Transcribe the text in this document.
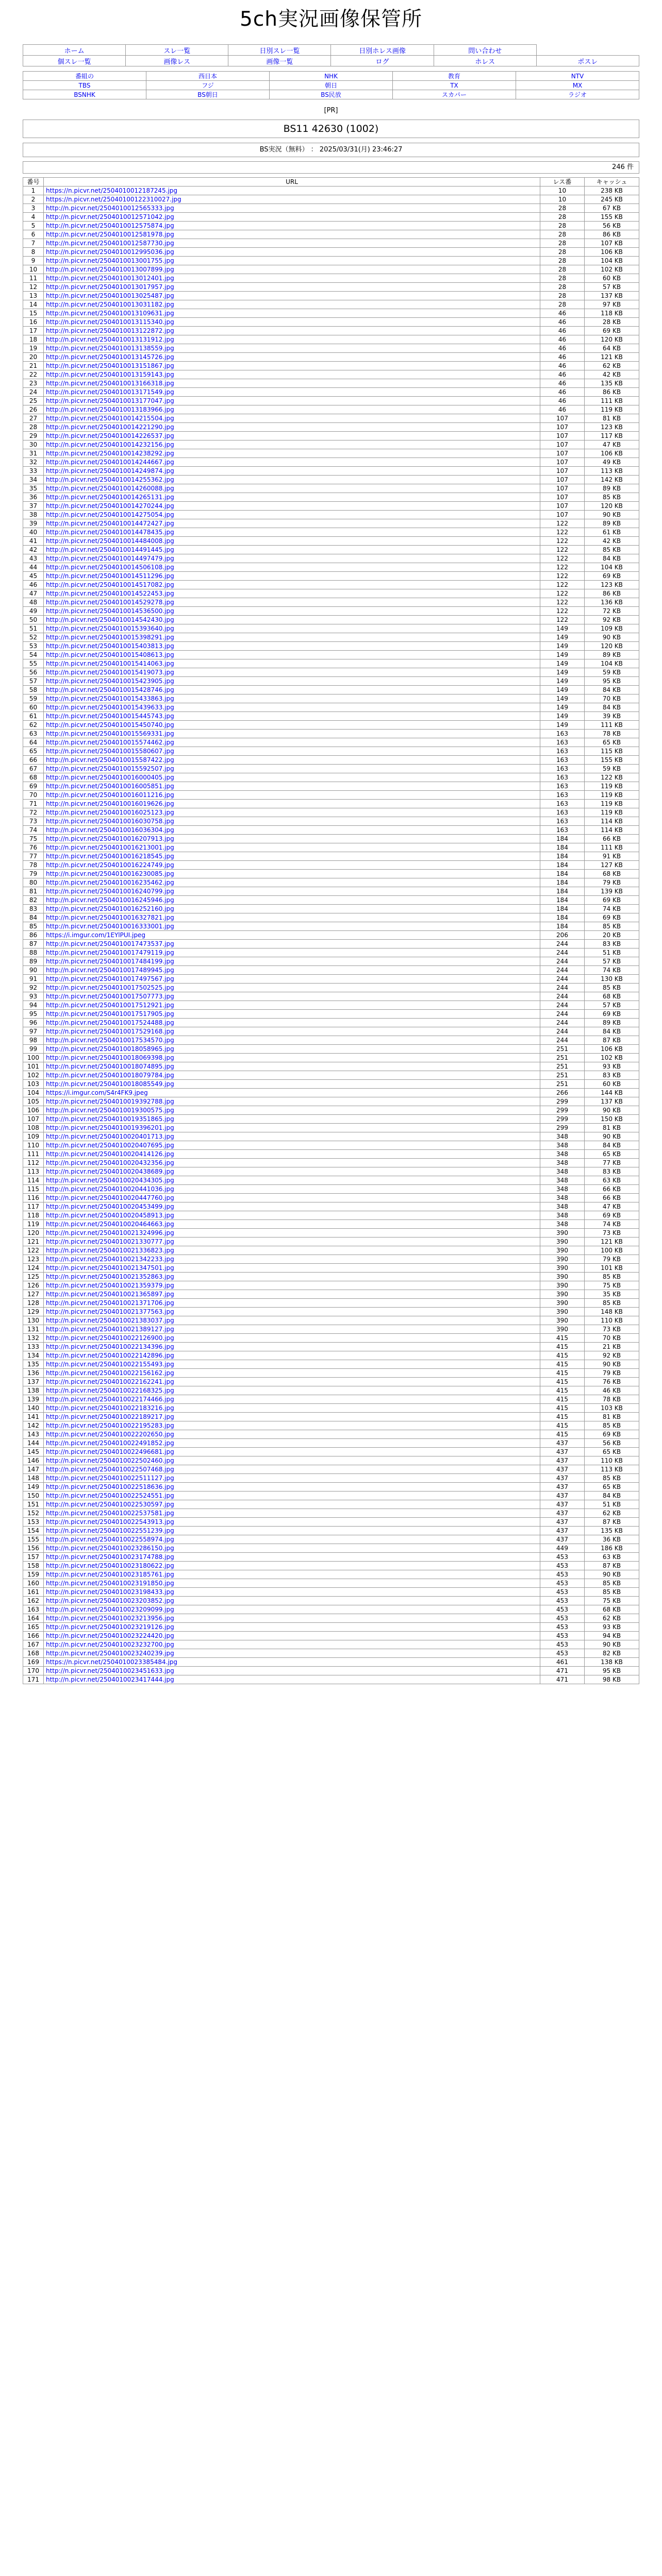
5ch実況画像保管所
ホーム	スレ一覧	日別スレ一覧	日別ホレス画像	問い合わせ	
個スレ一覧	画像レス	画像一覧	ログ	ホレス	ポスレ
番組の	西日本	NHK	教育	NTV
TBS	フジ	朝日	TX	MX
BSNHK	BS朝日	BS民放	スカパー	ラジオ
[PR]
BS11 42630 (1002)
BS実況（無料） ： 2025/03/31(月) 23:46:27
246 件
番号	URL	レス番	キャッシュ
1	https://n.picvr.net/250401001218724​5.jpg	10	238 KB
2	https://n.picvr.net/250401001223100​27.jpg	10	245 KB
3	http://n.picvr.net/250401001256533​3.jpg	28	67 KB
4	http://n.picvr.net/250401001257104​2.jpg	28	155 KB
5	http://n.picvr.net/250401001257587​4.jpg	28	56 KB
6	http://n.picvr.net/250401001258197​8.jpg	28	86 KB
7	http://n.picvr.net/250401001258773​0.jpg	28	107 KB
8	http://n.picvr.net/250401001299503​6.jpg	28	106 KB
9	http://n.picvr.net/250401001300175​5.jpg	28	104 KB
10	http://n.picvr.net/250401001300789​9.jpg	28	102 KB
11	http://n.picvr.net/250401001301240​1.jpg	28	60 KB
12	http://n.picvr.net/250401001301795​7.jpg	28	57 KB
13	http://n.picvr.net/250401001302548​7.jpg	28	137 KB
14	http://n.picvr.net/250401001303118​2.jpg	28	97 KB
15	http://n.picvr.net/250401001310963​1.jpg	46	118 KB
16	http://n.picvr.net/250401001311534​0.jpg	46	28 KB
17	http://n.picvr.net/250401001312287​2.jpg	46	69 KB
18	http://n.picvr.net/250401001313191​2.jpg	46	120 KB
19	http://n.picvr.net/250401001313855​9.jpg	46	64 KB
20	http://n.picvr.net/250401001314572​6.jpg	46	121 KB
21	http://n.picvr.net/250401001315186​7.jpg	46	62 KB
22	http://n.picvr.net/250401001315914​3.jpg	46	42 KB
23	http://n.picvr.net/250401001316631​8.jpg	46	135 KB
24	http://n.picvr.net/250401001317154​9.jpg	46	86 KB
25	http://n.picvr.net/250401001317704​7.jpg	46	111 KB
26	http://n.picvr.net/250401001318396​6.jpg	46	119 KB
27	http://n.picvr.net/250401001421550​4.jpg	107	81 KB
28	http://n.picvr.net/250401001422129​0.jpg	107	123 KB
29	http://n.picvr.net/250401001422653​7.jpg	107	117 KB
30	http://n.picvr.net/250401001423215​6.jpg	107	47 KB
31	http://n.picvr.net/250401001423829​2.jpg	107	106 KB
32	http://n.picvr.net/250401001424466​7.jpg	107	49 KB
33	http://n.picvr.net/250401001424987​4.jpg	107	113 KB
34	http://n.picvr.net/250401001425536​2.jpg	107	142 KB
35	http://n.picvr.net/250401001426008​8.jpg	107	89 KB
36	http://n.picvr.net/250401001426513​1.jpg	107	85 KB
37	http://n.picvr.net/250401001427024​4.jpg	107	120 KB
38	http://n.picvr.net/250401001427505​4.jpg	107	90 KB
39	http://n.picvr.net/250401001447242​7.jpg	122	89 KB
40	http://n.picvr.net/250401001447843​5.jpg	122	61 KB
41	http://n.picvr.net/250401001448400​8.jpg	122	42 KB
42	http://n.picvr.net/250401001449144​5.jpg	122	85 KB
43	http://n.picvr.net/250401001449747​9.jpg	122	84 KB
44	http://n.picvr.net/250401001450610​8.jpg	122	104 KB
45	http://n.picvr.net/250401001451129​6.jpg	122	69 KB
46	http://n.picvr.net/250401001451708​2.jpg	122	123 KB
47	http://n.picvr.net/250401001452245​3.jpg	122	86 KB
48	http://n.picvr.net/250401001452927​8.jpg	122	136 KB
49	http://n.picvr.net/250401001453650​0.jpg	122	72 KB
50	http://n.picvr.net/250401001454243​0.jpg	122	92 KB
51	http://n.picvr.net/250401001539364​0.jpg	149	109 KB
52	http://n.picvr.net/250401001539829​1.jpg	149	90 KB
53	http://n.picvr.net/250401001540381​3.jpg	149	120 KB
54	http://n.picvr.net/250401001540861​3.jpg	149	89 KB
55	http://n.picvr.net/250401001541406​3.jpg	149	104 KB
56	http://n.picvr.net/250401001541907​3.jpg	149	59 KB
57	http://n.picvr.net/250401001542390​5.jpg	149	95 KB
58	http://n.picvr.net/250401001542874​6.jpg	149	84 KB
59	http://n.picvr.net/250401001543386​3.jpg	149	70 KB
60	http://n.picvr.net/250401001543963​3.jpg	149	84 KB
61	http://n.picvr.net/250401001544574​3.jpg	149	39 KB
62	http://n.picvr.net/250401001545074​0.jpg	149	111 KB
63	http://n.picvr.net/250401001556933​1.jpg	163	78 KB
64	http://n.picvr.net/250401001557446​2.jpg	163	65 KB
65	http://n.picvr.net/250401001558060​7.jpg	163	115 KB
66	http://n.picvr.net/250401001558742​2.jpg	163	155 KB
67	http://n.picvr.net/250401001559250​7.jpg	163	59 KB
68	http://n.picvr.net/250401001600040​5.jpg	163	122 KB
69	http://n.picvr.net/250401001600585​1.jpg	163	119 KB
70	http://n.picvr.net/250401001601121​6.jpg	163	119 KB
71	http://n.picvr.net/250401001601962​6.jpg	163	119 KB
72	http://n.picvr.net/250401001602512​3.jpg	163	119 KB
73	http://n.picvr.net/250401001603075​8.jpg	163	114 KB
74	http://n.picvr.net/250401001603630​4.jpg	163	114 KB
75	http://n.picvr.net/250401001620791​3.jpg	184	66 KB
76	http://n.picvr.net/250401001621300​1.jpg	184	111 KB
77	http://n.picvr.net/250401001621854​5.jpg	184	91 KB
78	http://n.picvr.net/250401001622474​9.jpg	184	127 KB
79	http://n.picvr.net/250401001623008​5.jpg	184	68 KB
80	http://n.picvr.net/250401001623546​2.jpg	184	79 KB
81	http://n.picvr.net/250401001624079​9.jpg	184	139 KB
82	http://n.picvr.net/250401001624594​6.jpg	184	69 KB
83	http://n.picvr.net/250401001625216​0.jpg	184	74 KB
84	http://n.picvr.net/250401001632782​1.jpg	184	69 KB
85	http://n.picvr.net/250401001633300​1.jpg	184	85 KB
86	https://i.imgur.com/1EYlPUI.jpeg	206	20 KB
87	http://n.picvr.net/250401001747353​7.jpg	244	83 KB
88	http://n.picvr.net/250401001747911​9.jpg	244	51 KB
89	http://n.picvr.net/250401001748419​9.jpg	244	57 KB
90	http://n.picvr.net/250401001748994​5.jpg	244	74 KB
91	http://n.picvr.net/250401001749756​7.jpg	244	130 KB
92	http://n.picvr.net/250401001750252​5.jpg	244	85 KB
93	http://n.picvr.net/250401001750777​3.jpg	244	68 KB
94	http://n.picvr.net/250401001751292​1.jpg	244	57 KB
95	http://n.picvr.net/250401001751790​5.jpg	244	69 KB
96	http://n.picvr.net/250401001752448​8.jpg	244	89 KB
97	http://n.picvr.net/250401001752916​8.jpg	244	84 KB
98	http://n.picvr.net/250401001753457​0.jpg	244	87 KB
99	http://n.picvr.net/250401001805896​5.jpg	251	106 KB
100	http://n.picvr.net/250401001806939​8.jpg	251	102 KB
101	http://n.picvr.net/250401001807489​5.jpg	251	93 KB
102	http://n.picvr.net/250401001807978​4.jpg	251	83 KB
103	http://n.picvr.net/250401001808554​9.jpg	251	60 KB
104	https://i.imgur.com/S4r4FK9.jpeg	266	144 KB
105	http://n.picvr.net/250401001939278​8.jpg	299	137 KB
106	http://n.picvr.net/250401001930057​5.jpg	299	90 KB
107	http://n.picvr.net/250401001935186​5.jpg	299	150 KB
108	http://n.picvr.net/250401001939620​1.jpg	299	81 KB
109	http://n.picvr.net/250401002040171​3.jpg	348	90 KB
110	http://n.picvr.net/250401002040769​5.jpg	348	84 KB
111	http://n.picvr.net/250401002041412​6.jpg	348	65 KB
112	http://n.picvr.net/250401002043235​6.jpg	348	77 KB
113	http://n.picvr.net/250401002043868​9.jpg	348	83 KB
114	http://n.picvr.net/250401002043430​5.jpg	348	63 KB
115	http://n.picvr.net/250401002044103​6.jpg	348	66 KB
116	http://n.picvr.net/250401002044776​0.jpg	348	66 KB
117	http://n.picvr.net/250401002045349​9.jpg	348	47 KB
118	http://n.picvr.net/250401002045891​3.jpg	348	69 KB
119	http://n.picvr.net/250401002046466​3.jpg	348	74 KB
120	http://n.picvr.net/250401002132499​6.jpg	390	73 KB
121	http://n.picvr.net/250401002133077​7.jpg	390	121 KB
122	http://n.picvr.net/250401002133682​3.jpg	390	100 KB
123	http://n.picvr.net/250401002134223​3.jpg	390	79 KB
124	http://n.picvr.net/250401002134750​1.jpg	390	101 KB
125	http://n.picvr.net/250401002135286​3.jpg	390	85 KB
126	http://n.picvr.net/250401002135937​9.jpg	390	75 KB
127	http://n.picvr.net/250401002136589​7.jpg	390	35 KB
128	http://n.picvr.net/250401002137170​6.jpg	390	85 KB
129	http://n.picvr.net/250401002137756​3.jpg	390	148 KB
130	http://n.picvr.net/250401002138303​7.jpg	390	110 KB
131	http://n.picvr.net/250401002138912​7.jpg	390	73 KB
132	http://n.picvr.net/250401002212690​0.jpg	415	70 KB
133	http://n.picvr.net/250401002213439​6.jpg	415	21 KB
134	http://n.picvr.net/250401002214289​6.jpg	415	92 KB
135	http://n.picvr.net/250401002215549​3.jpg	415	90 KB
136	http://n.picvr.net/250401002215616​2.jpg	415	79 KB
137	http://n.picvr.net/250401002216224​1.jpg	415	76 KB
138	http://n.picvr.net/250401002216832​5.jpg	415	46 KB
139	http://n.picvr.net/250401002217446​6.jpg	415	78 KB
140	http://n.picvr.net/250401002218321​6.jpg	415	103 KB
141	http://n.picvr.net/250401002218921​7.jpg	415	81 KB
142	http://n.picvr.net/250401002219528​3.jpg	415	85 KB
143	http://n.picvr.net/250401002220265​0.jpg	415	69 KB
144	http://n.picvr.net/250401002249185​2.jpg	437	56 KB
145	http://n.picvr.net/250401002249668​1.jpg	437	65 KB
146	http://n.picvr.net/250401002250246​0.jpg	437	110 KB
147	http://n.picvr.net/250401002250746​8.jpg	437	113 KB
148	http://n.picvr.net/250401002251112​7.jpg	437	85 KB
149	http://n.picvr.net/250401002251863​6.jpg	437	65 KB
150	http://n.picvr.net/250401002252455​1.jpg	437	84 KB
151	http://n.picvr.net/250401002253059​7.jpg	437	51 KB
152	http://n.picvr.net/250401002253758​1.jpg	437	62 KB
153	http://n.picvr.net/250401002254391​3.jpg	437	87 KB
154	http://n.picvr.net/250401002255123​9.jpg	437	135 KB
155	http://n.picvr.net/250401002255897​4.jpg	437	36 KB
156	http://n.picvr.net/250401002328615​0.jpg	449	186 KB
157	http://n.picvr.net/250401002317478​8.jpg	453	63 KB
158	http://n.picvr.net/250401002318062​2.jpg	453	87 KB
159	http://n.picvr.net/250401002318576​1.jpg	453	90 KB
160	http://n.picvr.net/250401002319185​0.jpg	453	85 KB
161	http://n.picvr.net/250401002319843​3.jpg	453	85 KB
162	http://n.picvr.net/250401002320385​2.jpg	453	75 KB
163	http://n.picvr.net/250401002320909​9.jpg	453	68 KB
164	http://n.picvr.net/250401002321395​6.jpg	453	62 KB
165	http://n.picvr.net/250401002321912​6.jpg	453	93 KB
166	http://n.picvr.net/250401002322442​0.jpg	453	94 KB
167	http://n.picvr.net/250401002323270​0.jpg	453	90 KB
168	http://n.picvr.net/250401002324023​9.jpg	453	82 KB
169	https://n.picvr.net/250401002338548​4.jpg	461	138 KB
170	http://n.picvr.net/250401002345163​3.jpg	471	95 KB
171	http://n.picvr.net/250401002341744​4.jpg	471	98 KB
